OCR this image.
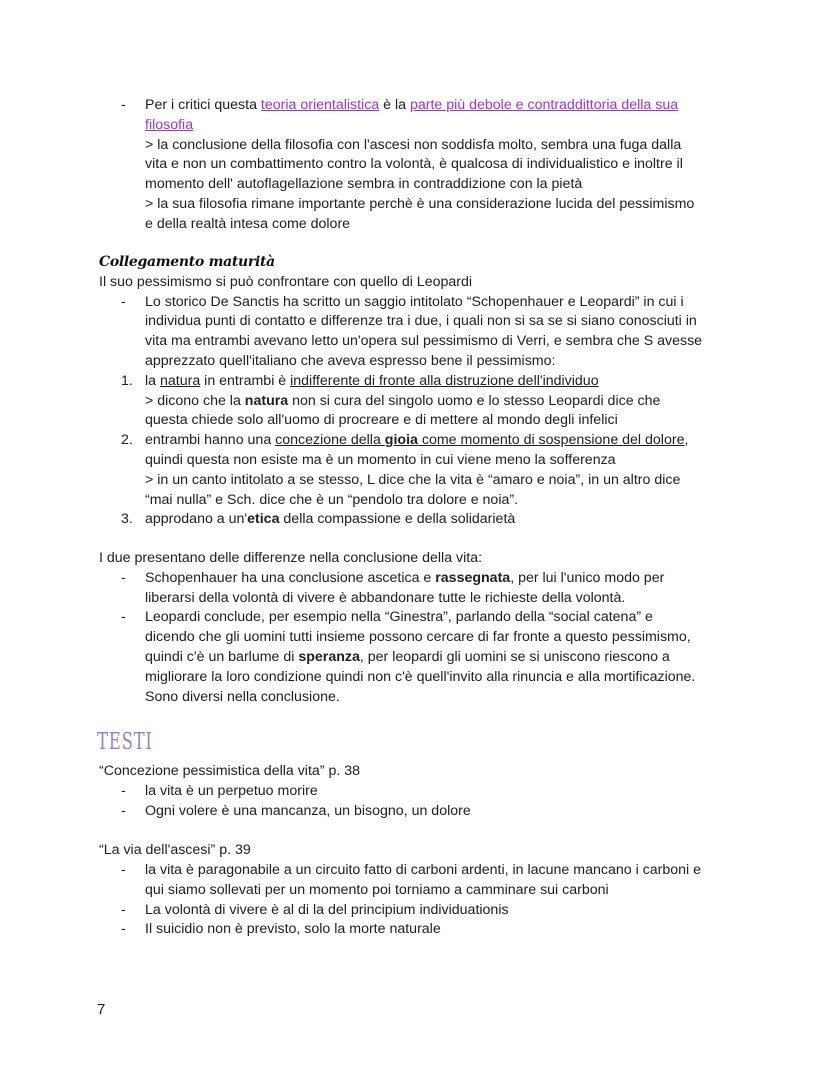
- Per i critici questa teoria orientalistica è la parte più debole e contraddittoria della sua
filosofia
> la conclusione della filosofia con l'ascesi non soddisfa molto, sembra una fuga dalla
vita e non un combattimento contro la volontà, è qualcosa di individualistico e inoltre il
momento dell' autoflagellazione sembra in contraddizione con la pietà
> la sua filosofia rimane importante perchè è una considerazione lucida del pessimismo
e della realtà intesa come dolore
Collegamento maturità
Il suo pessimismo si può confrontare con quello di Leopardi
- Lo storico De Sanctis ha scritto un saggio intitolato “Schopenhauer e Leopardi” in cui i
individua punti di contatto e differenze tra i due, i quali non si sa se si siano conosciuti in
vita ma entrambi avevano letto un'opera sul pessimismo di Verri, e sembra che S avesse
apprezzato quell'italiano che aveva espresso bene il pessimismo:
1. la natura in entrambi è indifferente di fronte alla distruzione dell'individuo
> dicono che la natura non si cura del singolo uomo e lo stesso Leopardi dice che
questa chiede solo all'uomo di procreare e di mettere al mondo degli infelici
2. entrambi hanno una concezione della gioia come momento di sospensione del dolore,
quindi questa non esiste ma è un momento in cui viene meno la sofferenza
> in un canto intitolato a se stesso, L dice che la vita è “amaro e noia”, in un altro dice
“mai nulla” e Sch. dice che è un “pendolo tra dolore e noia”.
3. approdano a un'etica della compassione e della solidarietà
I due presentano delle differenze nella conclusione della vita:
- Schopenhauer ha una conclusione ascetica e rassegnata, per lui l'unico modo per
liberarsi della volontà di vivere è abbandonare tutte le richieste della volontà.
- Leopardi conclude, per esempio nella “Ginestra”, parlando della “social catena” e
dicendo che gli uomini tutti insieme possono cercare di far fronte a questo pessimismo,
quindi c'è un barlume di speranza, per leopardi gli uomini se si uniscono riescono a
migliorare la loro condizione quindi non c'è quell'invito alla rinuncia e alla mortificazione.
Sono diversi nella conclusione.
TESTI
“Concezione pessimistica della vita” p. 38
- la vita è un perpetuo morire
- Ogni volere è una mancanza, un bisogno, un dolore
“La via dell'ascesi” p. 39
- la vita è paragonabile a un circuito fatto di carboni ardenti, in lacune mancano i carboni e
qui siamo sollevati per un momento poi torniamo a camminare sui carboni
- La volontà di vivere è al di la del principium individuationis
- Il suicidio non è previsto, solo la morte naturale
7
